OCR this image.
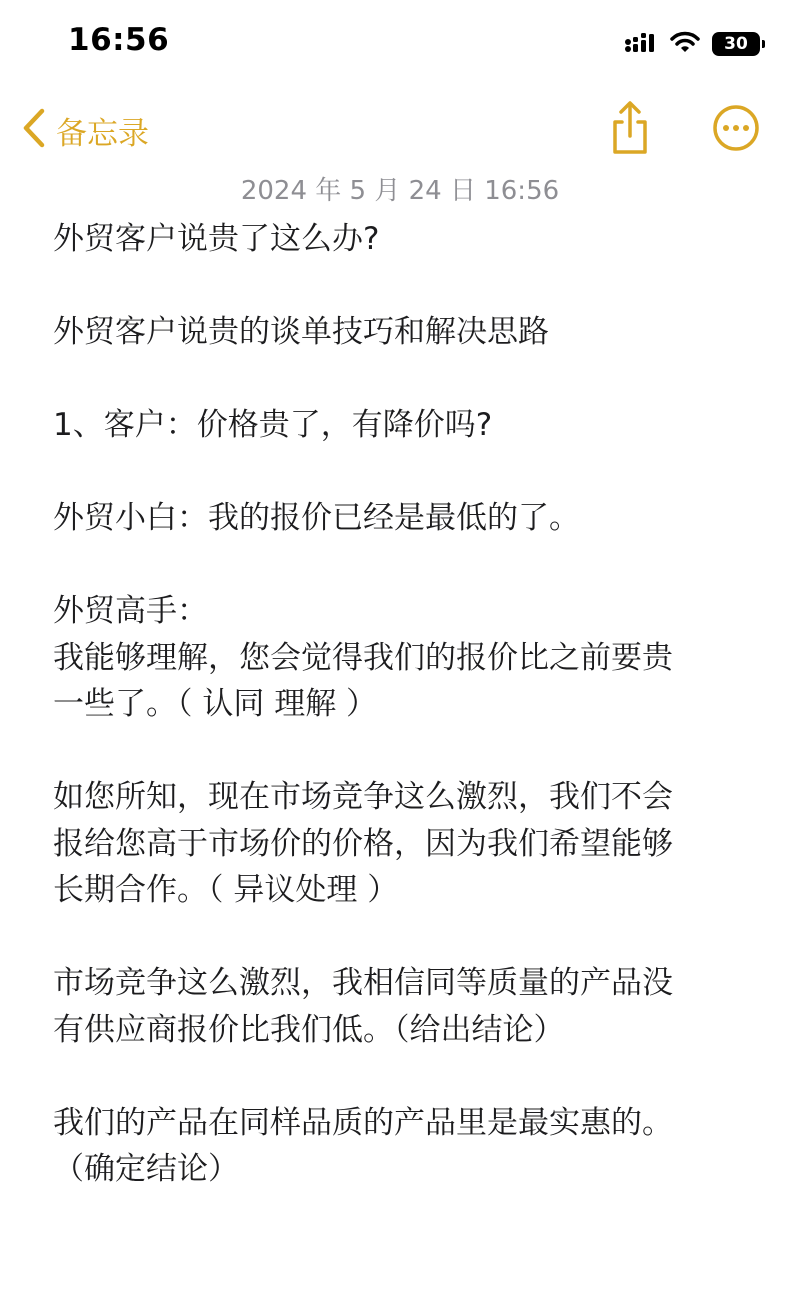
16:56	30
备忘录
2024 年 5 月 24 日 16:56
外贸客户说贵了这么办?
外贸客户说贵的谈单技巧和解决思路
1、客户：价格贵了，有降价吗?
外贸小白：我的报价已经是最低的了。
外贸高手：
我能够理解，您会觉得我们的报价比之前要贵
一些了。（ 认同 理解 ）
如您所知，现在市场竞争这么激烈，我们不会
报给您高于市场价的价格，因为我们希望能够
长期合作。（ 异议处理 ）
市场竞争这么激烈，我相信同等质量的产品没
有供应商报价比我们低。（给出结论）
我们的产品在同样品质的产品里是最实惠的。
（确定结论）
